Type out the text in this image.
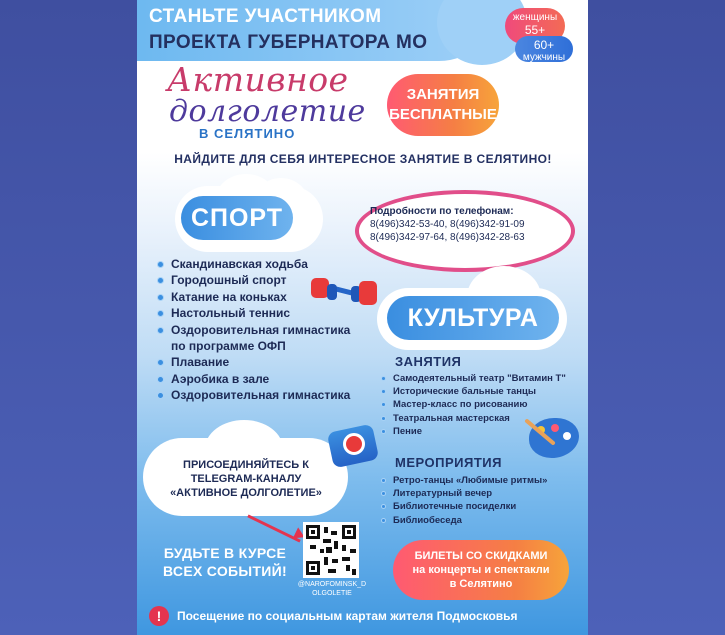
СТАНЬТЕ УЧАСТНИКОМ
ПРОЕКТА ГУБЕРНАТОРА МО
женщины
55+
60+
мужчины
Активное
долголетие
В СЕЛЯТИНО
ЗАНЯТИЯ
БЕСПЛАТНЫЕ
НАЙДИТЕ ДЛЯ СЕБЯ ИНТЕРЕСНОЕ ЗАНЯТИЕ В СЕЛЯТИНО!
СПОРТ	Подробности по телефонам:
8(496)342-53-40, 8(496)342-91-09
8(496)342-97-64, 8(496)342-28-63
Скандинавская ходьба
Городошный спорт
Катание на коньках
Настольный теннис
Оздоровительная гимнастика
по программе ОФП
Плавание
Аэробика в зале
Оздоровительная гимнастика
КУЛЬТУРА
ЗАНЯТИЯ
Самодеятельный театр "Витамин Т"
Исторические бальные танцы
Мастер-класс по рисованию
Театральная мастерская
Пение
МЕРОПРИЯТИЯ
Ретро-танцы «Любимые ритмы»
Литературный вечер
Библиотечные посиделки
Библиобеседа
ПРИСОЕДИНЯЙТЕСЬ К
TELEGRAM-КАНАЛУ
«АКТИВНОЕ ДОЛГОЛЕТИЕ»
БУДЬТЕ В КУРСЕ
ВСЕХ СОБЫТИЙ!
@NAROFOMINSK_D
OLGOLETIE
БИЛЕТЫ СО СКИДКАМИ
на концерты и спектакли
в Селятино
!	Посещение по социальным картам жителя Подмосковья
